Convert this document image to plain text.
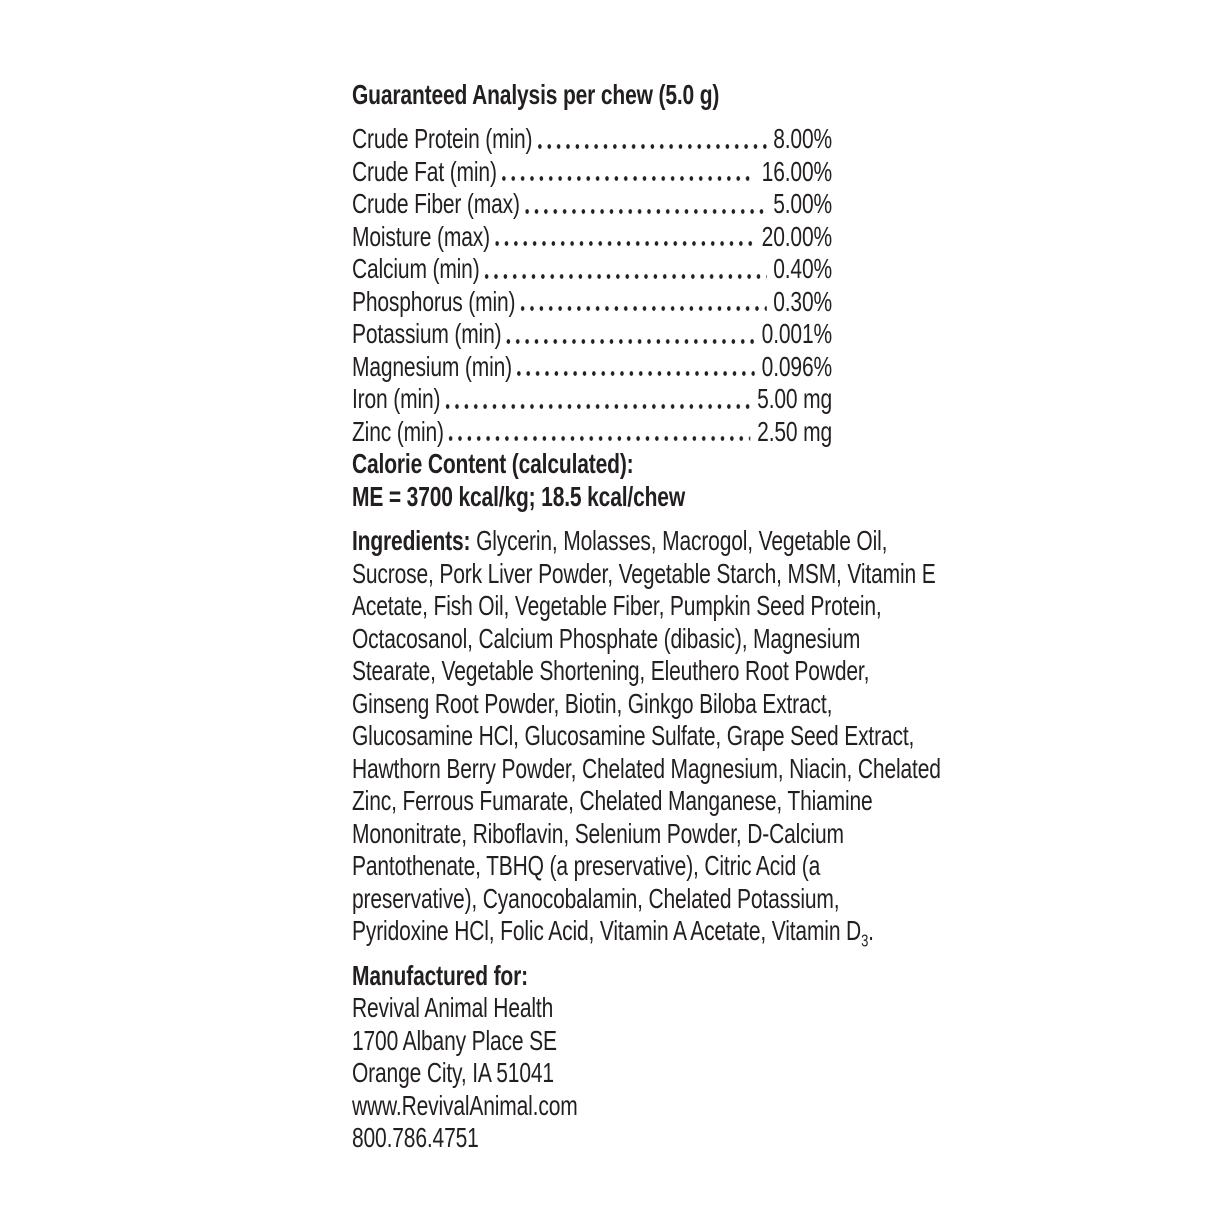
Guaranteed Analysis per chew (5.0 g)
Crude Protein (min)	8.00%
Crude Fat (min)	16.00%
Crude Fiber (max)	5.00%
Moisture (max)	20.00%
Calcium (min)	0.40%
Phosphorus (min)	0.30%
Potassium (min)	0.001%
Magnesium (min)	0.096%
Iron (min)	5.00 mg
Zinc (min)	2.50 mg
Calorie Content (calculated):
ME = 3700 kcal/kg; 18.5 kcal/chew
Ingredients: Glycerin, Molasses, Macrogol, Vegetable Oil,
Sucrose, Pork Liver Powder, Vegetable Starch, MSM, Vitamin E
Acetate, Fish Oil, Vegetable Fiber, Pumpkin Seed Protein,
Octacosanol, Calcium Phosphate (dibasic), Magnesium
Stearate, Vegetable Shortening, Eleuthero Root Powder,
Ginseng Root Powder, Biotin, Ginkgo Biloba Extract,
Glucosamine HCl, Glucosamine Sulfate, Grape Seed Extract,
Hawthorn Berry Powder, Chelated Magnesium, Niacin, Chelated
Zinc, Ferrous Fumarate, Chelated Manganese, Thiamine
Mononitrate, Riboflavin, Selenium Powder, D-Calcium
Pantothenate, TBHQ (a preservative), Citric Acid (a
preservative), Cyanocobalamin, Chelated Potassium,
Pyridoxine HCl, Folic Acid, Vitamin A Acetate, Vitamin $D_3$.
Manufactured for:
Revival Animal Health
1700 Albany Place SE
Orange City, IA 51041
www.RevivalAnimal.com
800.786.4751
